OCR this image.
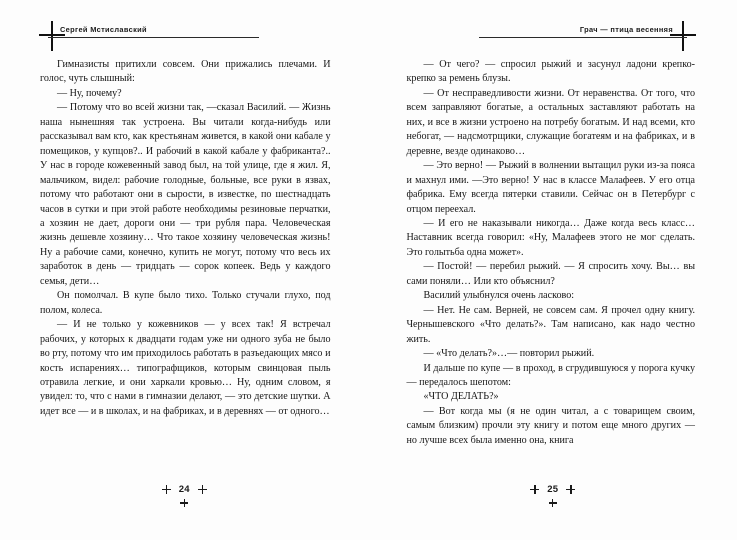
Сергей Мстиславский

Гимназисты притихли совсем. Они прижались плечами. И голос, чуть слышный:

— Ну, почему?

— Потому что во всей жизни так, —сказал Василий. — Жизнь наша нынешняя так устроена. Вы читали когда-нибудь или рассказывал вам кто, как крестьянам живется, в какой они кабале у помещиков, у купцов?.. И рабочий в какой кабале у фабриканта?.. У нас в городе кожевенный завод был, на той улице, где я жил. Я, мальчиком, видел: рабочие голодные, больные, все руки в язвах, потому что работают они в сырости, в известке, по шестнадцать часов в сутки и при этой работе необходимы резиновые перчатки, а хозяин не дает, дороги они — три рубля пара. Человеческая жизнь дешевле хозяину… Что такое хозяину человеческая жизнь! Ну а рабочие сами, конечно, купить не могут, потому что весь их заработок в день — тридцать — сорок копеек. Ведь у каждого семья, дети…

Он помолчал. В купе было тихо. Только стучали глухо, под полом, колеса.

— И не только у кожевников — у всех так! Я встречал рабочих, у которых к двадцати годам уже ни одного зуба не было во рту, потому что им приходилось работать в разъедающих мясо и кость испарениях… типографщиков, которым свинцовая пыль отравила легкие, и они харкали кровью… Ну, одним словом, я увидел: то, что с нами в гимназии делают, — это детские шутки. А идет все — и в школах, и на фабриках, и в деревнях — от одного…

24
Грач — птица весенняя

— От чего? — спросил рыжий и засунул ладони крепко-крепко за ремень блузы.

— От несправедливости жизни. От неравенства. От того, что всем заправляют богатые, а остальных заставляют работать на них, и все в жизни устроено на потребу богатым. И над всеми, кто небогат, — надсмотрщики, служащие богатеям и на фабриках, и в деревне, везде одинаково…

— Это верно! — Рыжий в волнении вытащил руки из-за пояса и махнул ими. —Это верно! У нас в классе Малафеев. У его отца фабрика. Ему всегда пятерки ставили. Сейчас он в Петербург с отцом переехал.

— И его не наказывали никогда… Даже когда весь класс… Наставник всегда говорил: «Ну, Малафеев этого не мог сделать. Это голытьба одна может».

— Постой! — перебил рыжий. — Я спросить хочу. Вы… вы сами поняли… Или кто объяснил?

Василий улыбнулся очень ласково:

— Нет. Не сам. Верней, не совсем сам. Я прочел одну книгу. Чернышевского «Что делать?». Там написано, как надо честно жить.

— «Что делать?»…— повторил рыжий.

И дальше по купе — в проход, в сгрудившуюся у порога кучку — передалось шепотом:

«ЧТО ДЕЛАТЬ?»

— Вот когда мы (я не один читал, а с товарищем своим, самым близким) прочли эту книгу и потом еще много других — но лучше всех была именно она, книга

25
